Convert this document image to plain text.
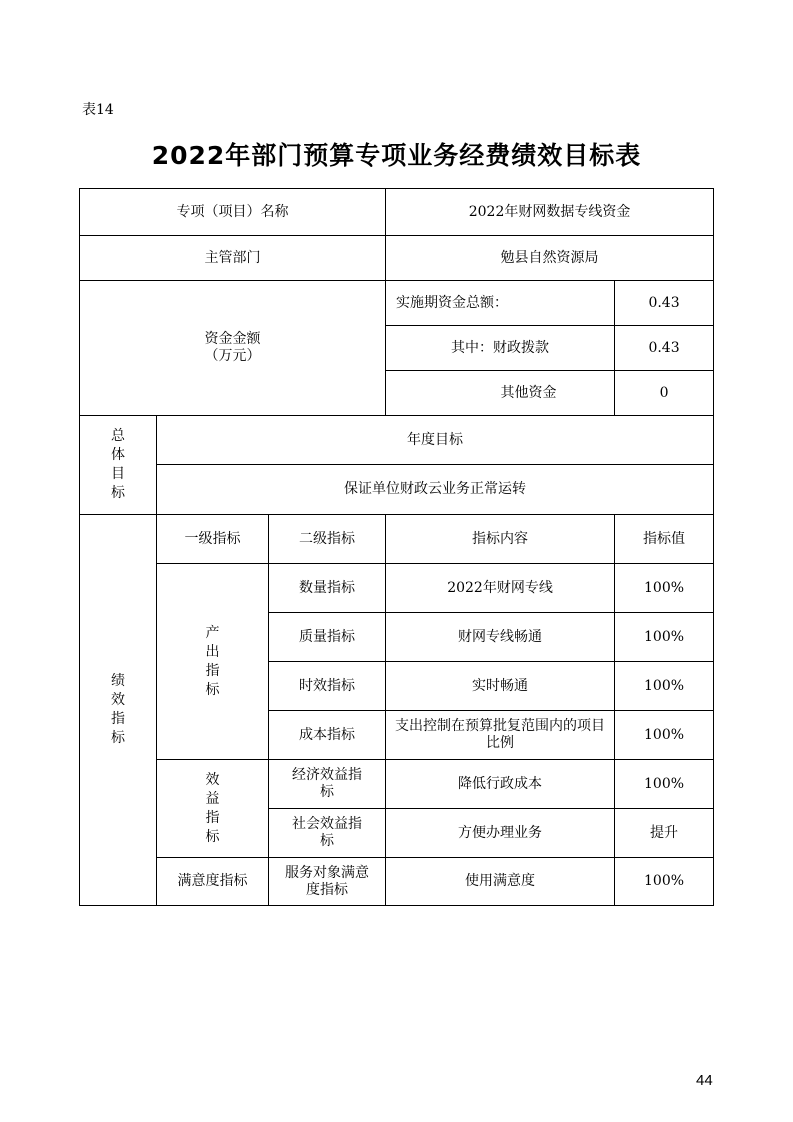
表14
2022年部门预算专项业务经费绩效目标表
专项（项目）名称			2022年财网数据专线资金	
主管部门			勉县自然资源局	

资金金额
（万元）			实施期资金总额：	0.43
			其中：财政拨款	0.43
			其他资金	0
总体目标	年度目标			
	保证单位财政云业务正常运转			
绩效指标	一级指标	二级指标	指标内容	指标值
	产出指标	数量指标	2022年财网专线	100%
		质量指标	财网专线畅通	100%
		时效指标	实时畅通	100%
		成本指标	支出控制在预算批复范围内的项目比例	100%
	效益指标	经济效益指标	降低行政成本	100%
		社会效益指标	方便办理业务	提升
	满意度指标	服务对象满意度指标	使用满意度	100%
44
